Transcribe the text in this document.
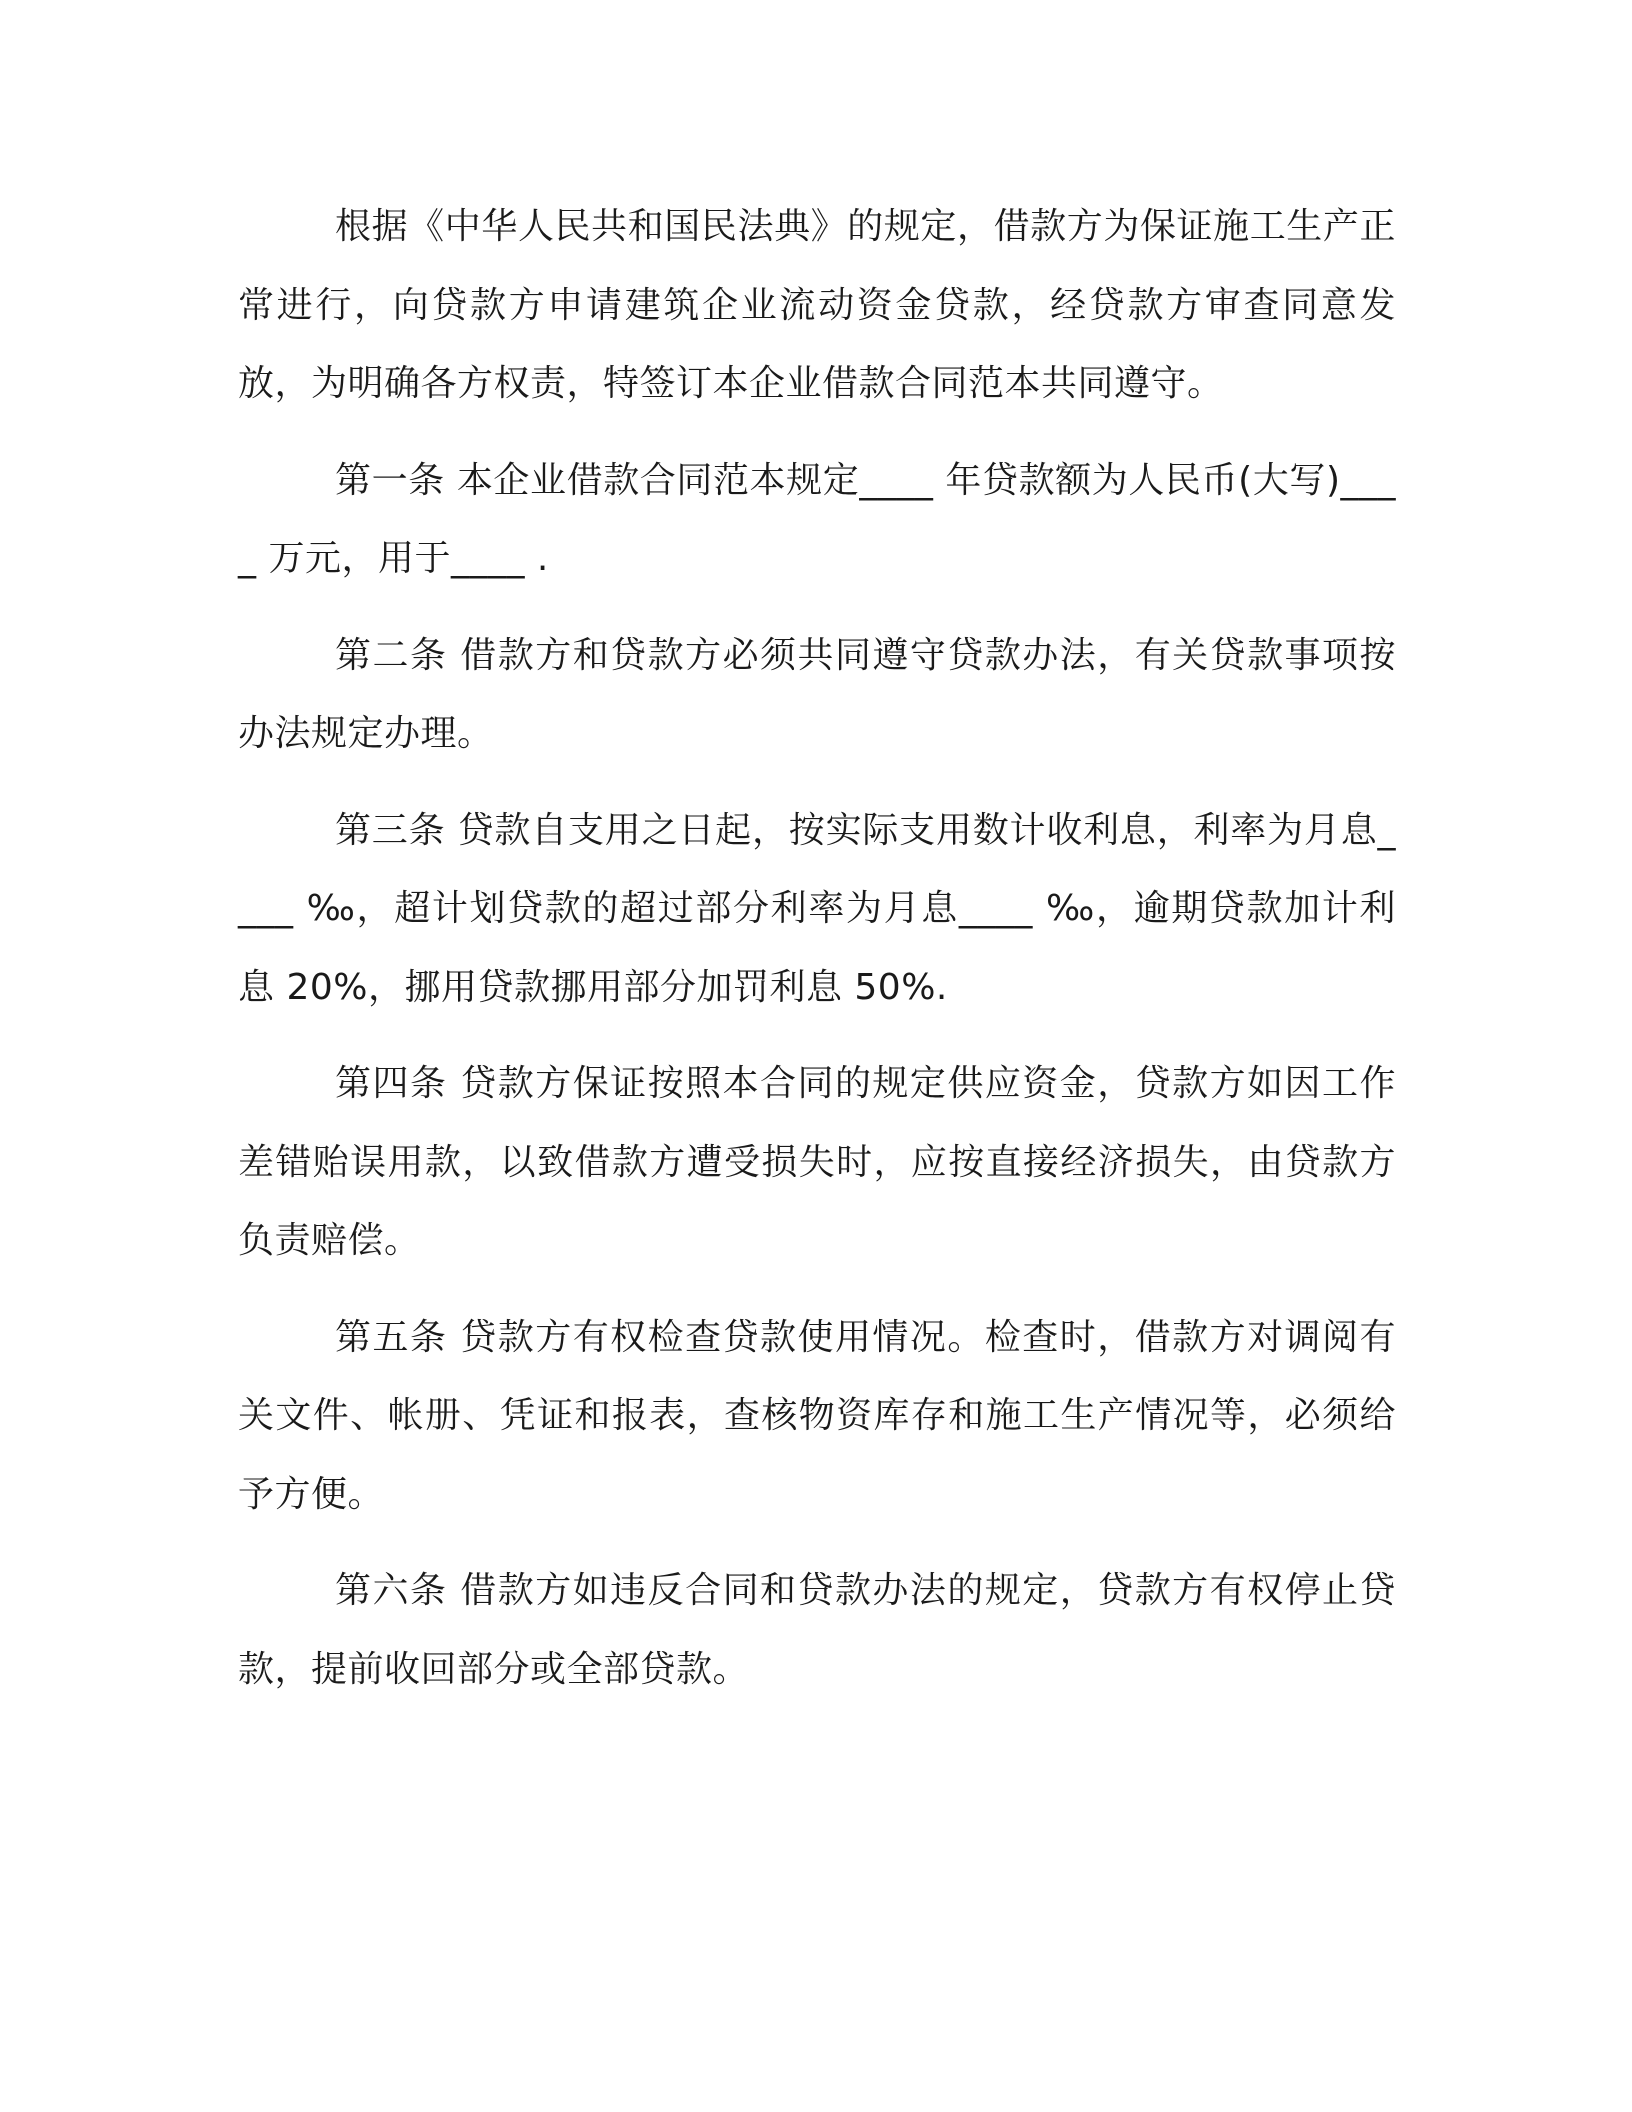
根据《中华人民共和国民法典》的规定，借款方为保证施工生产正常进行，向贷款方申请建筑企业流动资金贷款，经贷款方审查同意发放，为明确各方权责，特签订本企业借款合同范本共同遵守。

第一条 本企业借款合同范本规定____ 年贷款额为人民币(大写)____ 万元，用于____ .

第二条 借款方和贷款方必须共同遵守贷款办法，有关贷款事项按办法规定办理。

第三条 贷款自支用之日起，按实际支用数计收利息，利率为月息____ ‰，超计划贷款的超过部分利率为月息____ ‰，逾期贷款加计利息 20%，挪用贷款挪用部分加罚利息 50%.

第四条 贷款方保证按照本合同的规定供应资金，贷款方如因工作差错贻误用款，以致借款方遭受损失时，应按直接经济损失，由贷款方负责赔偿。

第五条 贷款方有权检查贷款使用情况。检查时，借款方对调阅有关文件、帐册、凭证和报表，查核物资库存和施工生产情况等，必须给予方便。

第六条 借款方如违反合同和贷款办法的规定，贷款方有权停止贷款，提前收回部分或全部贷款。
